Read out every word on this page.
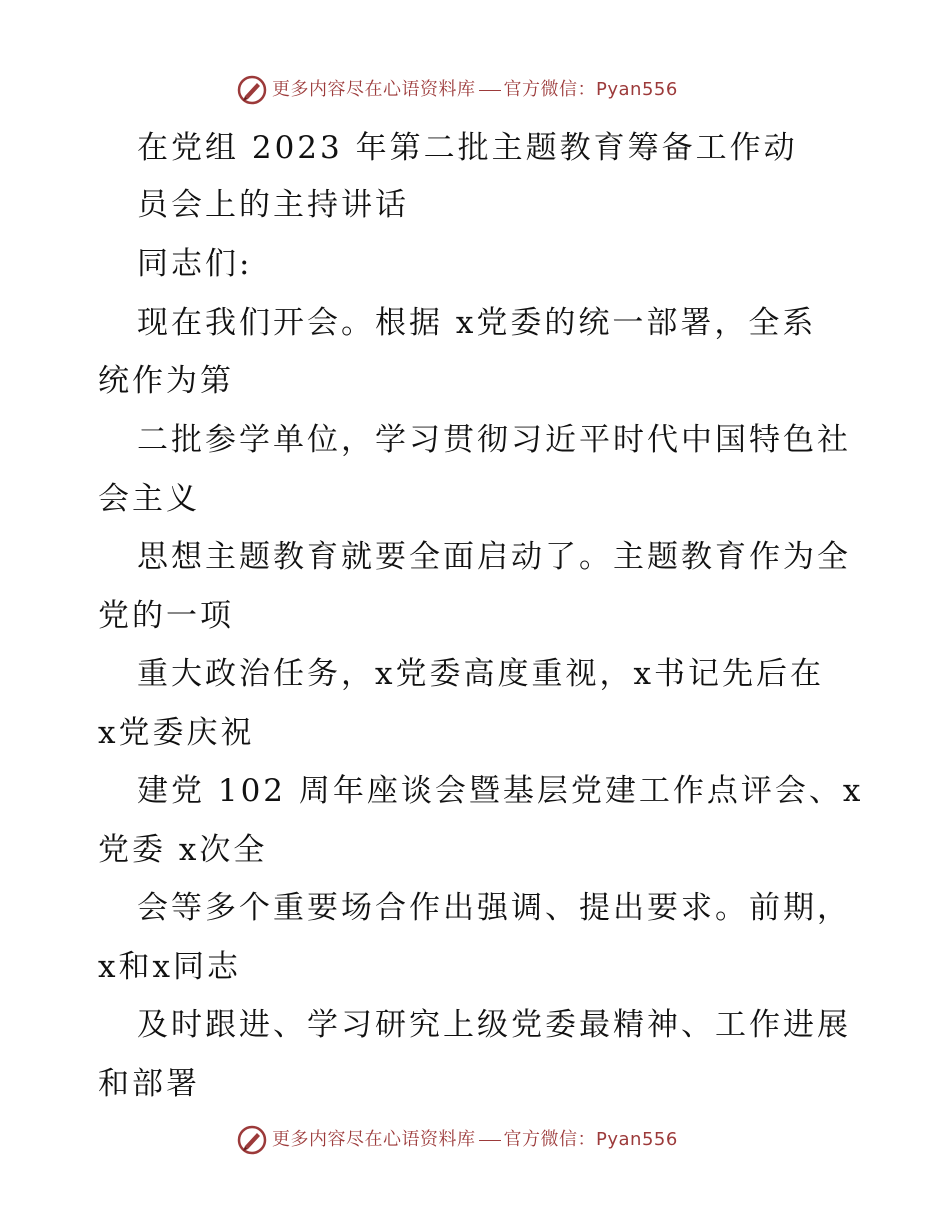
更多内容尽在心语资料库 官方微信：Pyan556
在党组 2023 年第二批主题教育筹备工作动
员会上的主持讲话
同志们:
现在我们开会。根据 x党委的统一部署，全系
统作为第
二批参学单位，学习贯彻习近平时代中国特色社
会主义
思想主题教育就要全面启动了。主题教育作为全
党的一项
重大政治任务，x党委高度重视，x书记先后在
x党委庆祝
建党 102 周年座谈会暨基层党建工作点评会、x
党委 x次全
会等多个重要场合作出强调、提出要求。前期，
x和x同志
及时跟进、学习研究上级党委最精神、工作进展
和部署
更多内容尽在心语资料库 官方微信：Pyan556
